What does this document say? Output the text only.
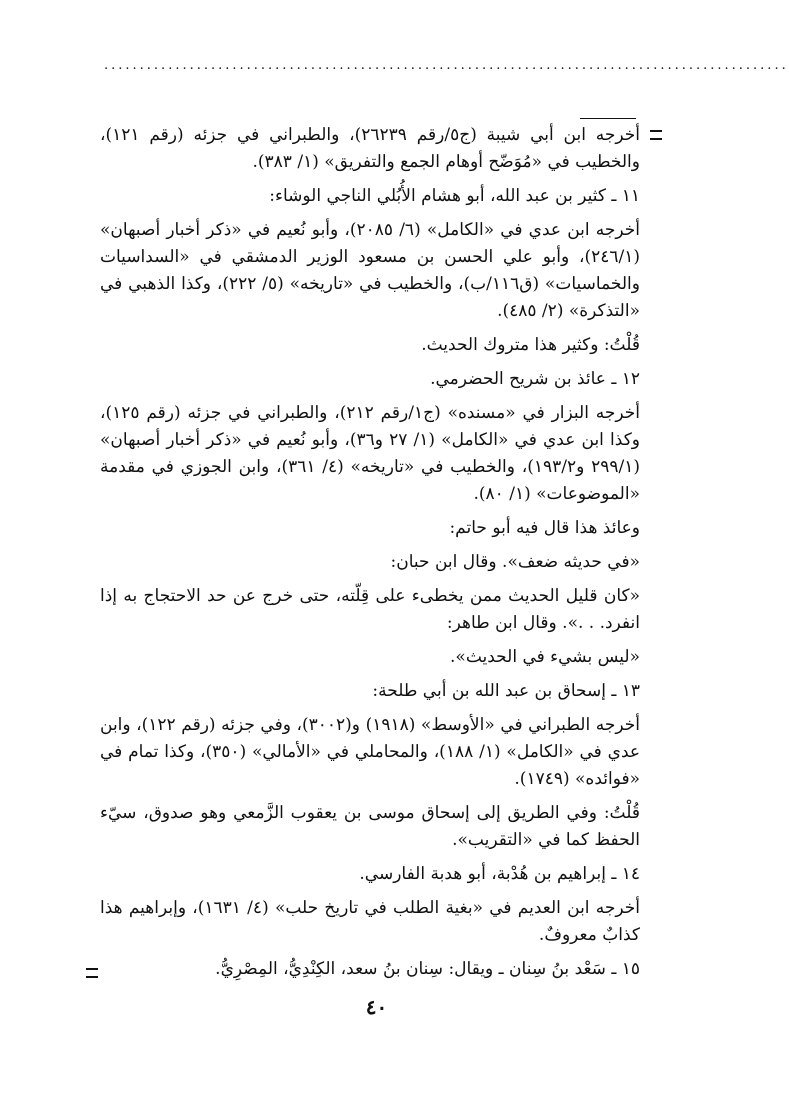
................................................................................................

أخرجه ابن أبي شيبة (ج٥/رقم ٢٦٢٣٩)، والطبراني في جزئه (رقم ١٢١)، والخطيب في «مُوَضّح أوهام الجمع والتفريق» (١/ ٣٨٣).

١١ ـ كثير بن عبد الله، أبو هشام الأُبُلي الناجي الوشاء:

أخرجه ابن عدي في «الكامل» (٦/ ٢٠٨٥)، وأبو نُعيم في «ذكر أخبار أصبهان» (٢٤٦/١)، وأبو علي الحسن بن مسعود الوزير الدمشقي في «السداسيات والخماسيات» (ق١١٦/ب)، والخطيب في «تاريخه» (٥/ ٢٢٢)، وكذا الذهبي في «التذكرة» (٢/ ٤٨٥).

قُلْتُ: وكثير هذا متروك الحديث.

١٢ ـ عائذ بن شريح الحضرمي.

أخرجه البزار في «مسنده» (ج١/رقم ٢١٢)، والطبراني في جزئه (رقم ١٢٥)، وكذا ابن عدي في «الكامل» (١/ ٢٧ و٣٦)، وأبو نُعيم في «ذكر أخبار أصبهان» (٢٩٩/١ و١٩٣/٢)، والخطيب في «تاريخه» (٤/ ٣٦١)، وابن الجوزي في مقدمة «الموضوعات» (١/ ٨٠).

وعائذ هذا قال فيه أبو حاتم:

«في حديثه ضعف». وقال ابن حبان:

«كان قليل الحديث ممن يخطىء على قِلّته، حتى خرج عن حد الاحتجاج به إذا انفرد. . .». وقال ابن طاهر:

«ليس بشيء في الحديث».

١٣ ـ إسحاق بن عبد الله بن أبي طلحة:

أخرجه الطبراني في «الأوسط» (١٩١٨) و(٣٠٠٢)، وفي جزئه (رقم ١٢٢)، وابن عدي في «الكامل» (١/ ١٨٨)، والمحاملي في «الأمالي» (٣٥٠)، وكذا تمام في «فوائده» (١٧٤٩).

قُلْتُ: وفي الطريق إلى إسحاق موسى بن يعقوب الزَّمعي وهو صدوق، سيّء الحفظ كما في «التقريب».

١٤ ـ إبراهيم بن هُدْبة، أبو هدبة الفارسي.

أخرجه ابن العديم في «بغية الطلب في تاريخ حلب» (٤/ ١٦٣١)، وإبراهيم هذا كذابٌ معروفٌ.

١٥ ـ سَعْد بنُ سِنان ـ ويقال: سِنان بنُ سعد، الكِنْدِيُّ، المِصْرِيُّ.

٤٠
